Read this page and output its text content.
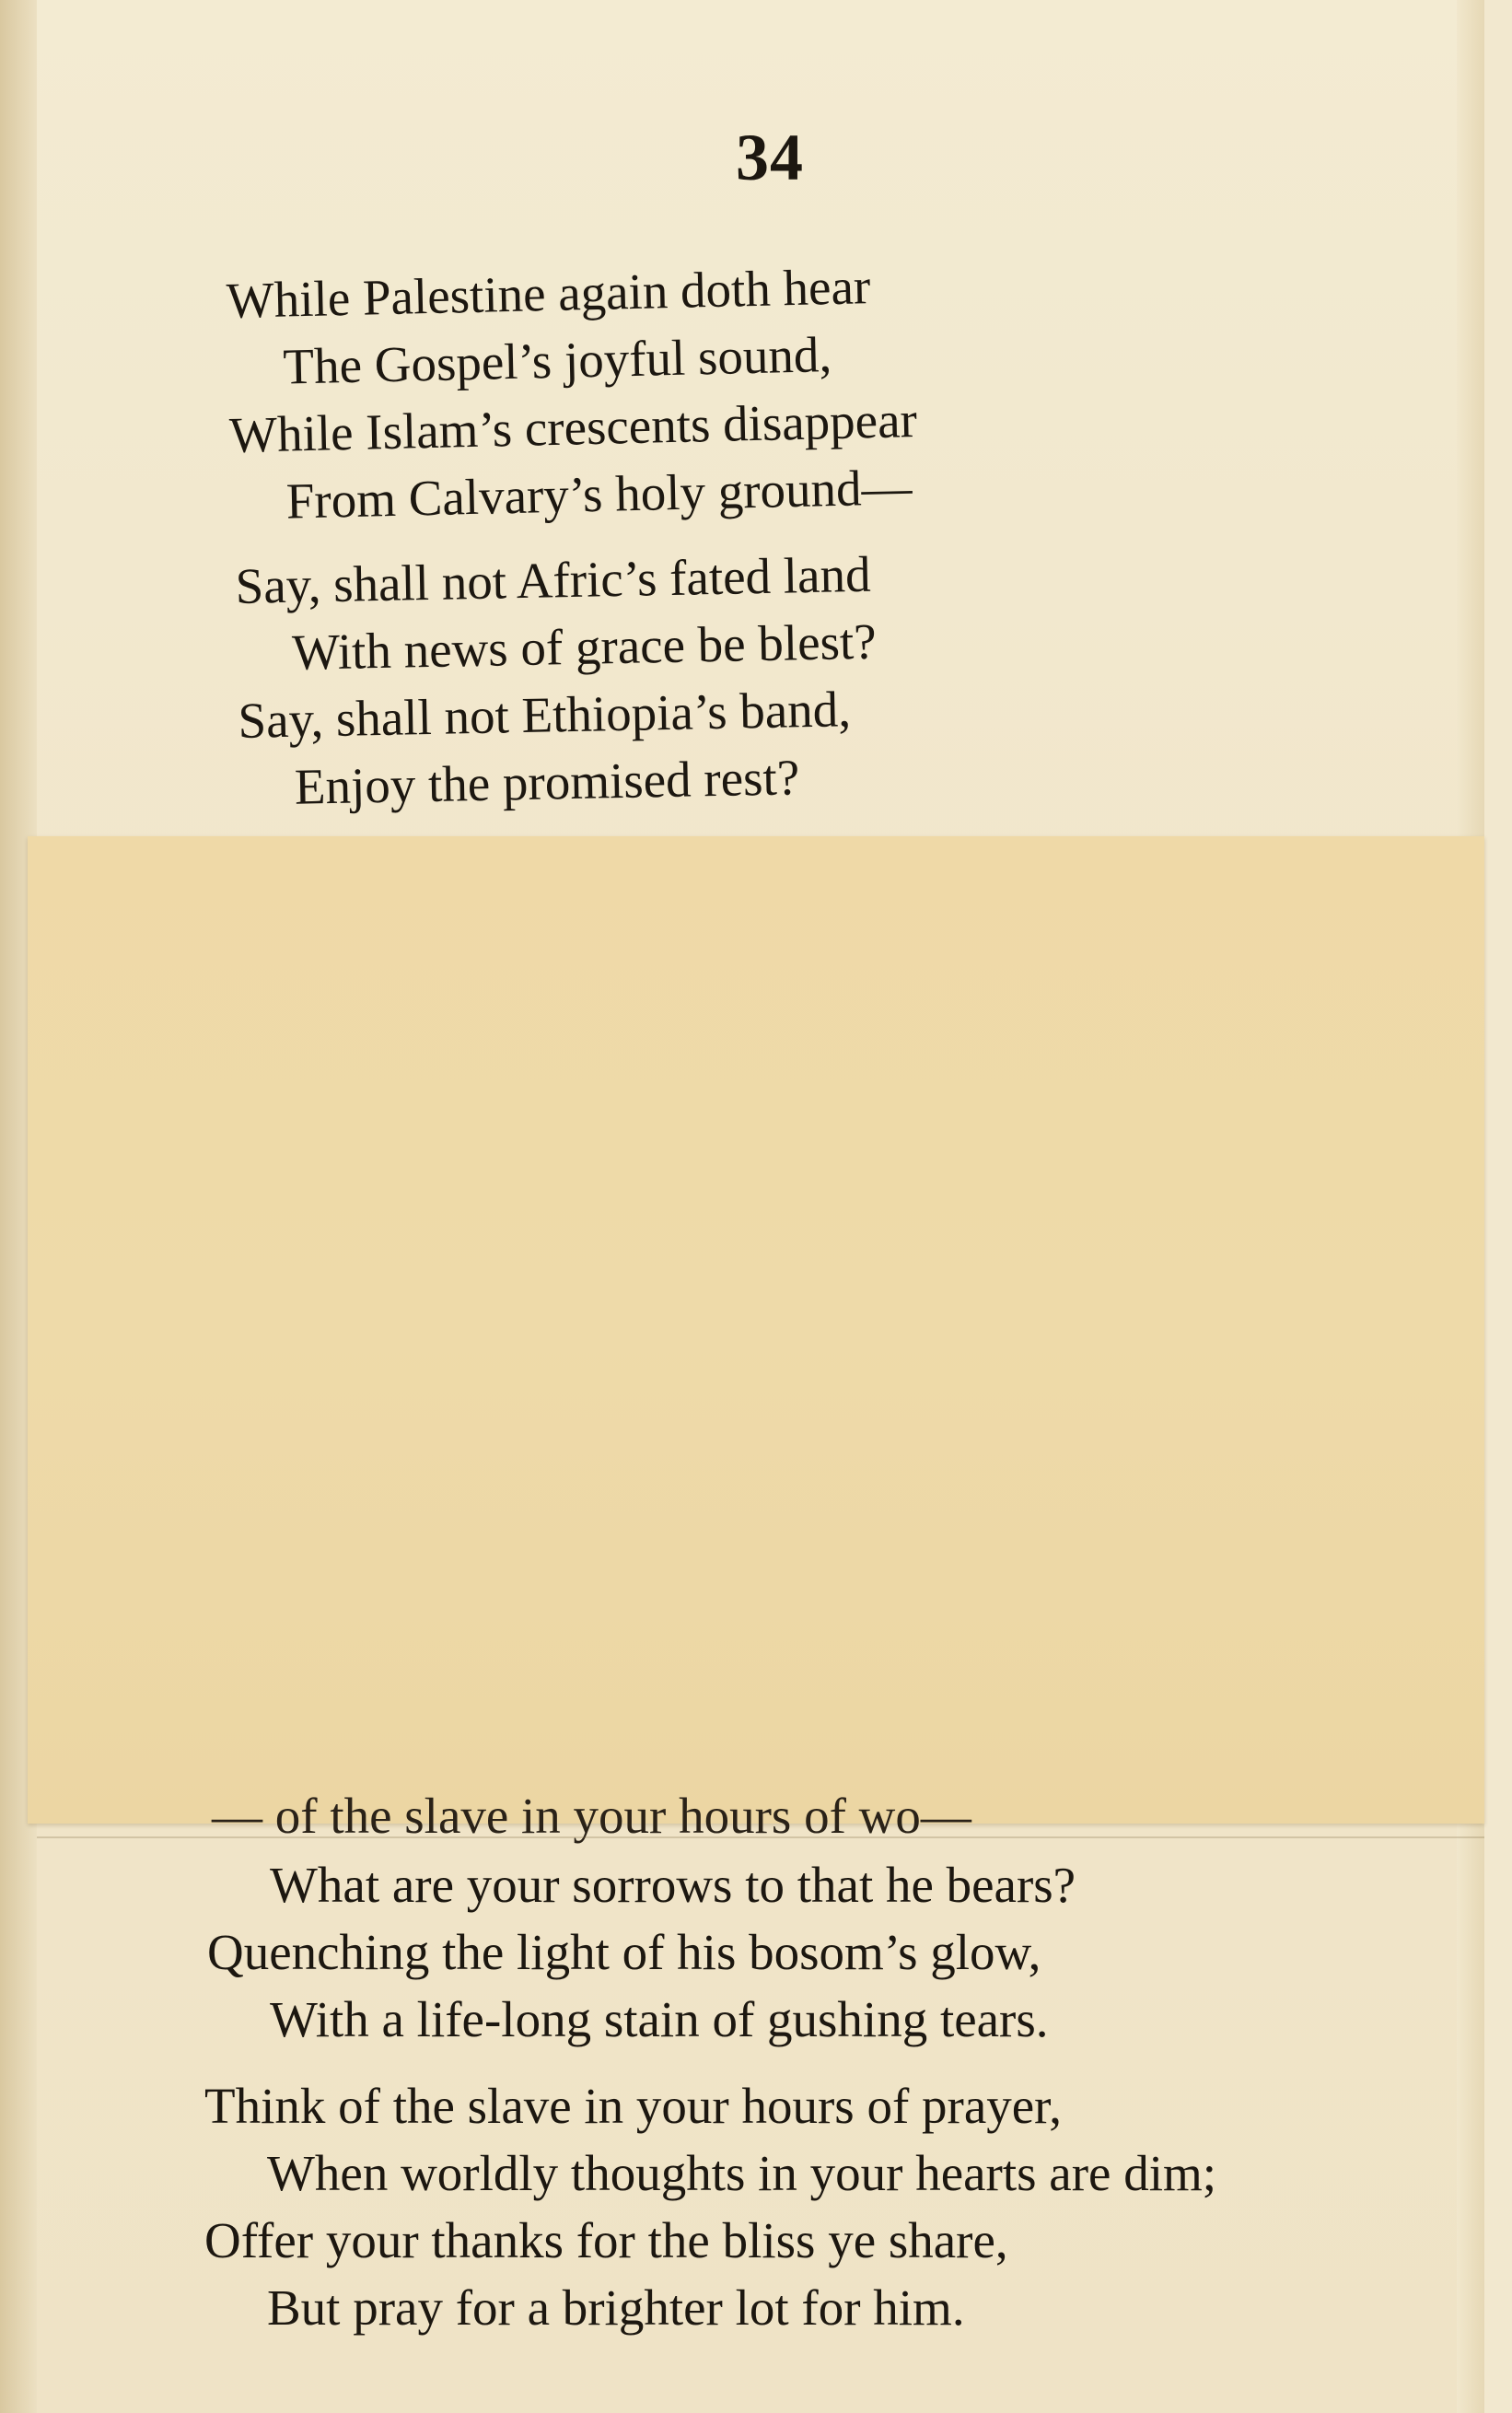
34
While Palestine again doth hear
The Gospel’s joyful sound,
While Islam’s crescents disappear
From Calvary’s holy ground—
Say, shall not Afric’s fated land
With news of grace be blest?
Say, shall not Ethiopia’s band,
Enjoy the promised rest?
— of the slave in your hours of wo—
What are your sorrows to that he bears?
Quenching the light of his bosom’s glow,
With a life-long stain of gushing tears.
Think of the slave in your hours of prayer,
When worldly thoughts in your hearts are dim;
Offer your thanks for the bliss ye share,
But pray for a brighter lot for him.
